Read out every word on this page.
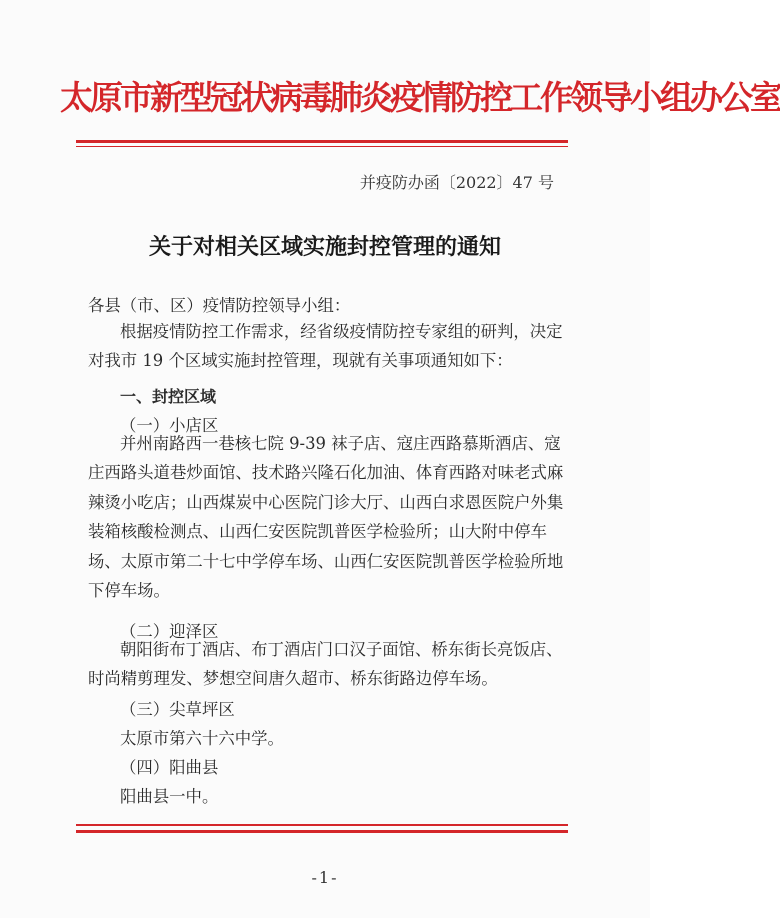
太原市新型冠状病毒肺炎疫情防控工作领导小组办公室
并疫防办函〔2022〕47 号
关于对相关区域实施封控管理的通知
各县（市、区）疫情防控领导小组：
根据疫情防控工作需求，经省级疫情防控专家组的研判，决定对我市 19 个区域实施封控管理，现就有关事项通知如下：
一、封控区域
（一）小店区
并州南路西一巷核七院 9-39 袜子店、寇庄西路慕斯酒店、寇庄西路头道巷炒面馆、技术路兴隆石化加油、体育西路对味老式麻辣烫小吃店；山西煤炭中心医院门诊大厅、山西白求恩医院户外集装箱核酸检测点、山西仁安医院凯普医学检验所；山大附中停车场、太原市第二十七中学停车场、山西仁安医院凯普医学检验所地下停车场。
（二）迎泽区
朝阳街布丁酒店、布丁酒店门口汉子面馆、桥东街长亮饭店、时尚精剪理发、梦想空间唐久超市、桥东街路边停车场。
（三）尖草坪区
太原市第六十六中学。
（四）阳曲县
阳曲县一中。
-1-
